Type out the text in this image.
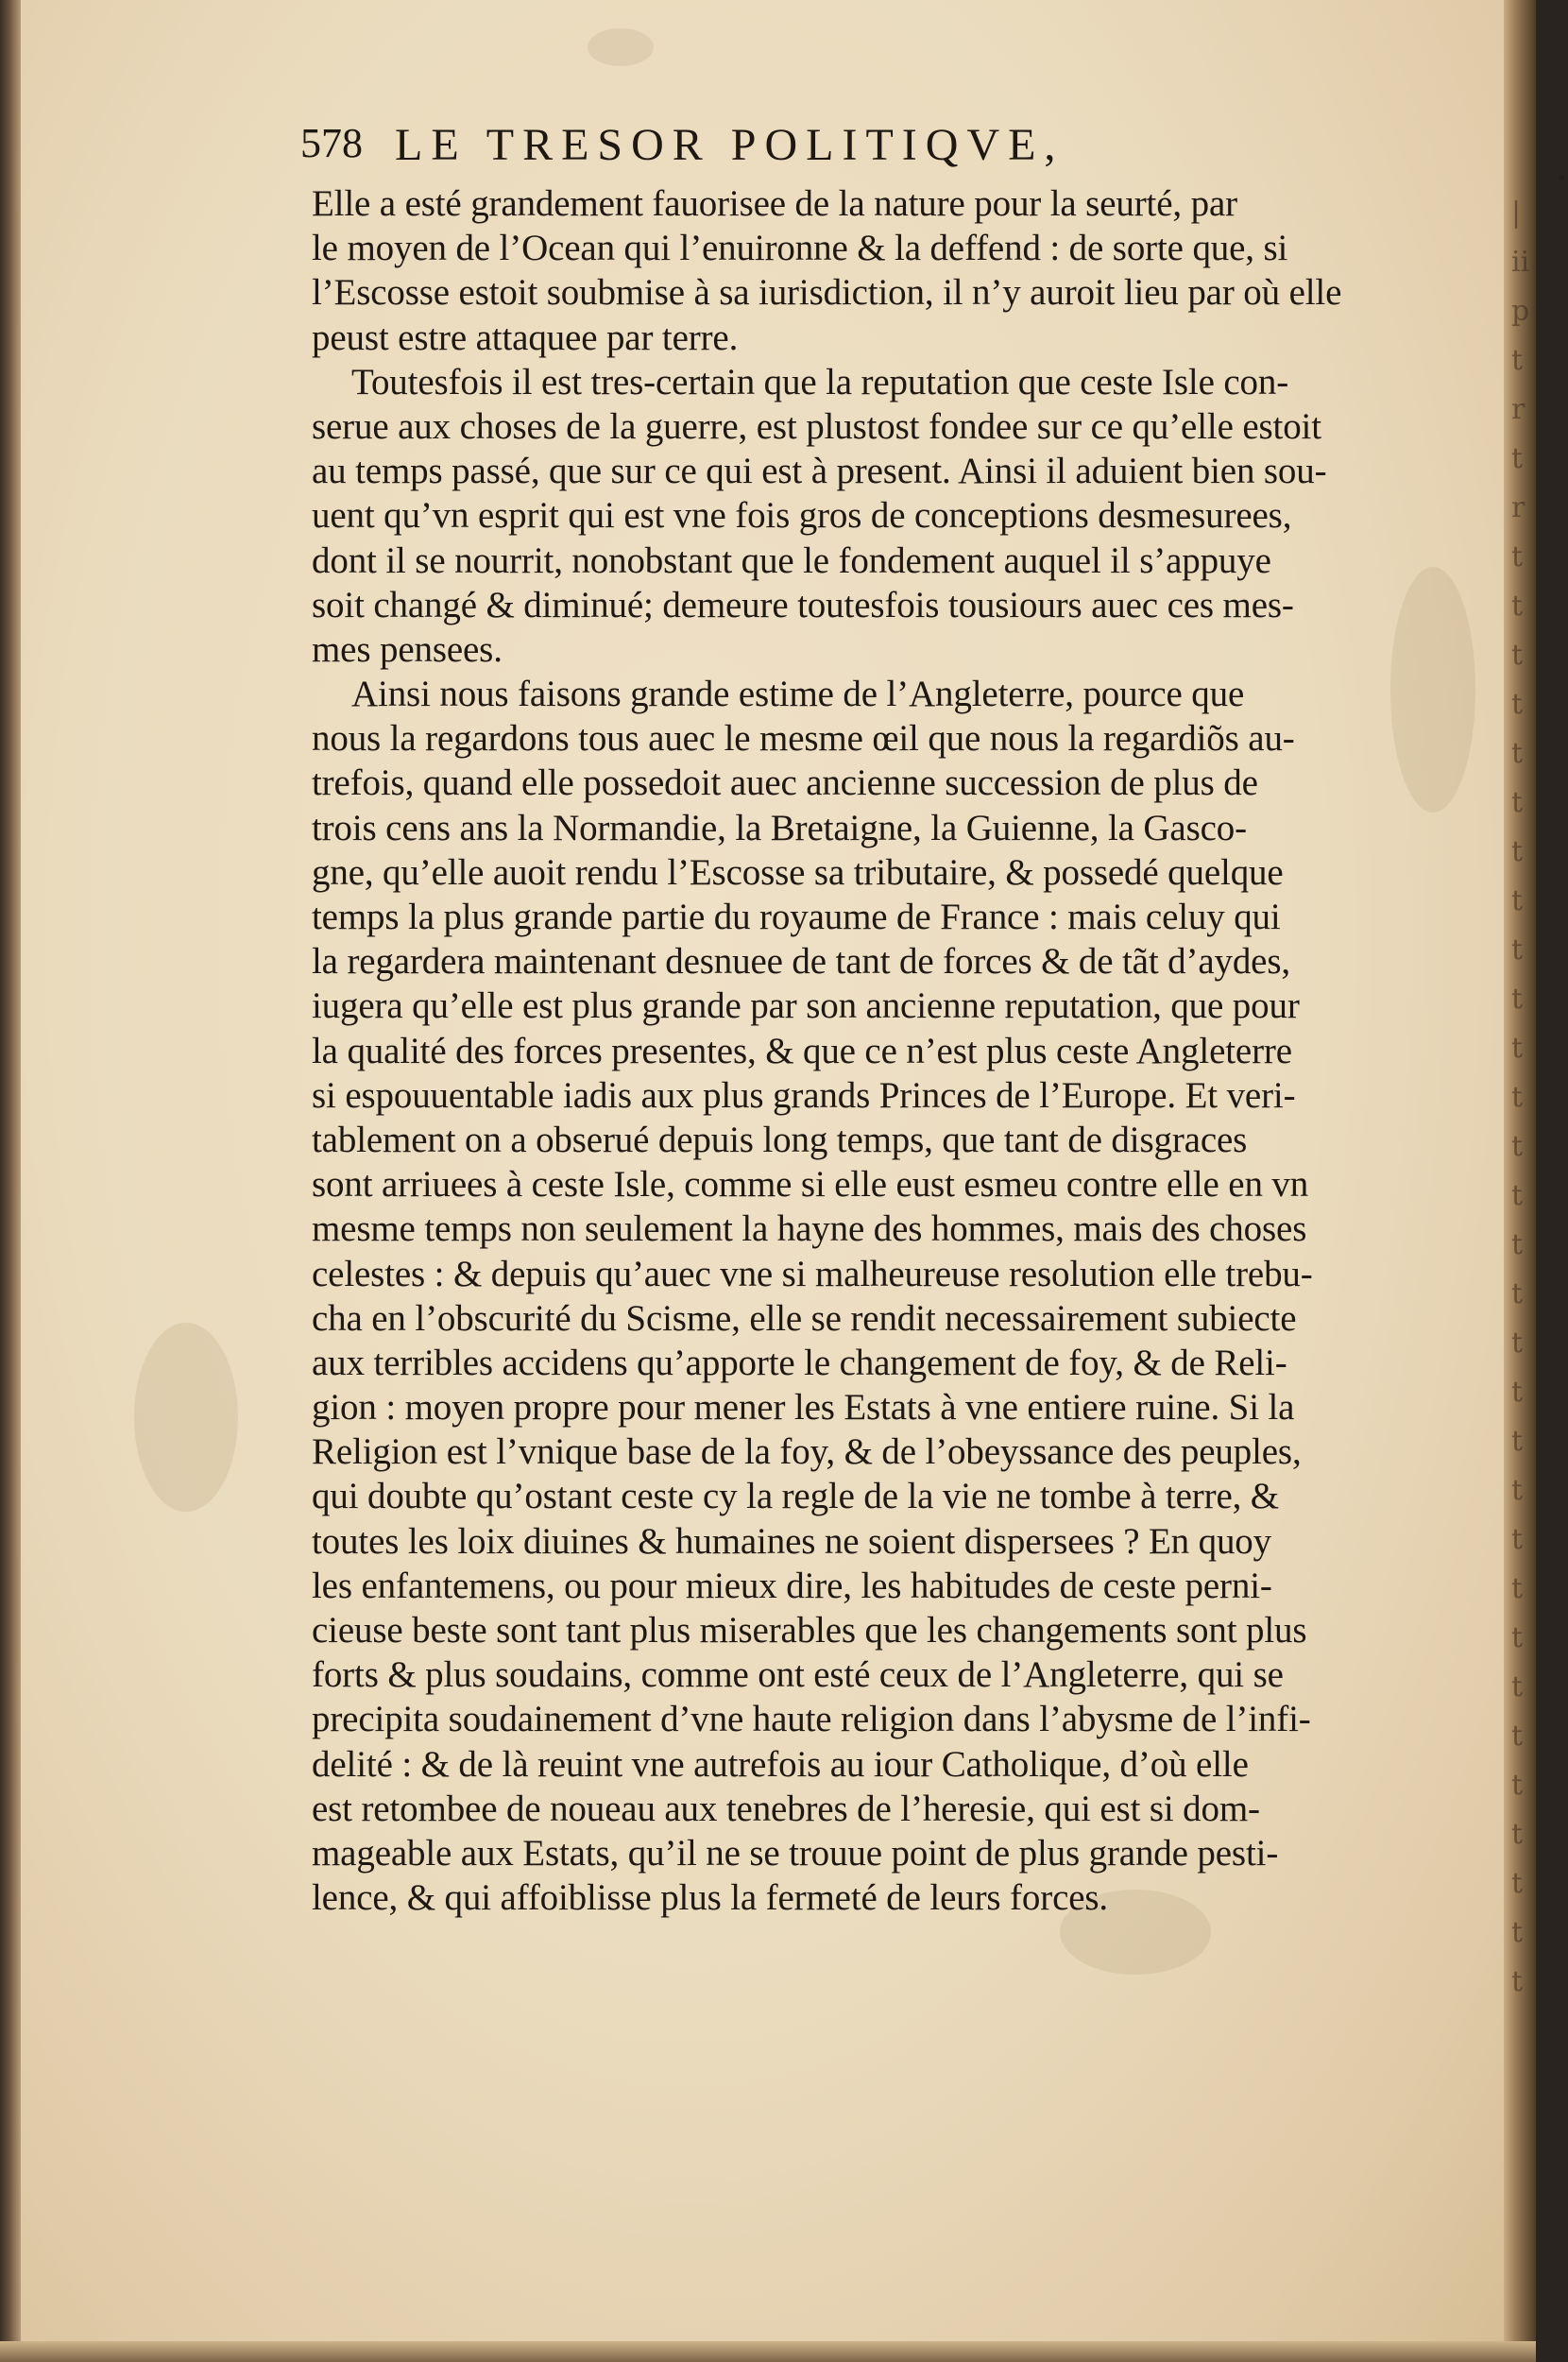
| ii p t r t r t t t t t t t t t t t t t t t t t t t t t t t t t t t t t t
578 LE TRESOR POLITIQVE,
•
Elle a esté grandement fauorisee de la nature pour la seurté, par
le moyen de l’Ocean qui l’enuironne & la deffend : de sorte que, si
l’Escosse estoit soubmise à sa iurisdiction, il n’y auroit lieu par où elle
peust estre attaquee par terre.
Toutesfois il est tres-certain que la reputation que ceste Isle con-
serue aux choses de la guerre, est plustost fondee sur ce qu’elle estoit
au temps passé, que sur ce qui est à present. Ainsi il aduient bien sou-
uent qu’vn esprit qui est vne fois gros de conceptions desmesurees,
dont il se nourrit, nonobstant que le fondement auquel il s’appuye
soit changé & diminué; demeure toutesfois tousiours auec ces mes-
mes pensees.
Ainsi nous faisons grande estime de l’Angleterre, pource que
nous la regardons tous auec le mesme œil que nous la regardiõs au-
trefois, quand elle possedoit auec ancienne succession de plus de
trois cens ans la Normandie, la Bretaigne, la Guienne, la Gasco-
gne, qu’elle auoit rendu l’Escosse sa tributaire, & possedé quelque
temps la plus grande partie du royaume de France : mais celuy qui
la regardera maintenant desnuee de tant de forces & de tãt d’aydes,
iugera qu’elle est plus grande par son ancienne reputation, que pour
la qualité des forces presentes, & que ce n’est plus ceste Angleterre
si espouuentable iadis aux plus grands Princes de l’Europe. Et veri-
tablement on a obserué depuis long temps, que tant de disgraces
sont arriuees à ceste Isle, comme si elle eust esmeu contre elle en vn
mesme temps non seulement la hayne des hommes, mais des choses
celestes : & depuis qu’auec vne si malheureuse resolution elle trebu-
cha en l’obscurité du Scisme, elle se rendit necessairement subiecte
aux terribles accidens qu’apporte le changement de foy, & de Reli-
gion : moyen propre pour mener les Estats à vne entiere ruine. Si la
Religion est l’vnique base de la foy, & de l’obeyssance des peuples,
qui doubte qu’ostant ceste cy la regle de la vie ne tombe à terre, &
toutes les loix diuines & humaines ne soient dispersees ? En quoy
les enfantemens, ou pour mieux dire, les habitudes de ceste perni-
cieuse beste sont tant plus miserables que les changements sont plus
forts & plus soudains, comme ont esté ceux de l’Angleterre, qui se
precipita soudainement d’vne haute religion dans l’abysme de l’infi-
delité : & de là reuint vne autrefois au iour Catholique, d’où elle
est retombee de noueau aux tenebres de l’heresie, qui est si dom-
mageable aux Estats, qu’il ne se trouue point de plus grande pesti-
lence, & qui affoiblisse plus la fermeté de leurs forces.
